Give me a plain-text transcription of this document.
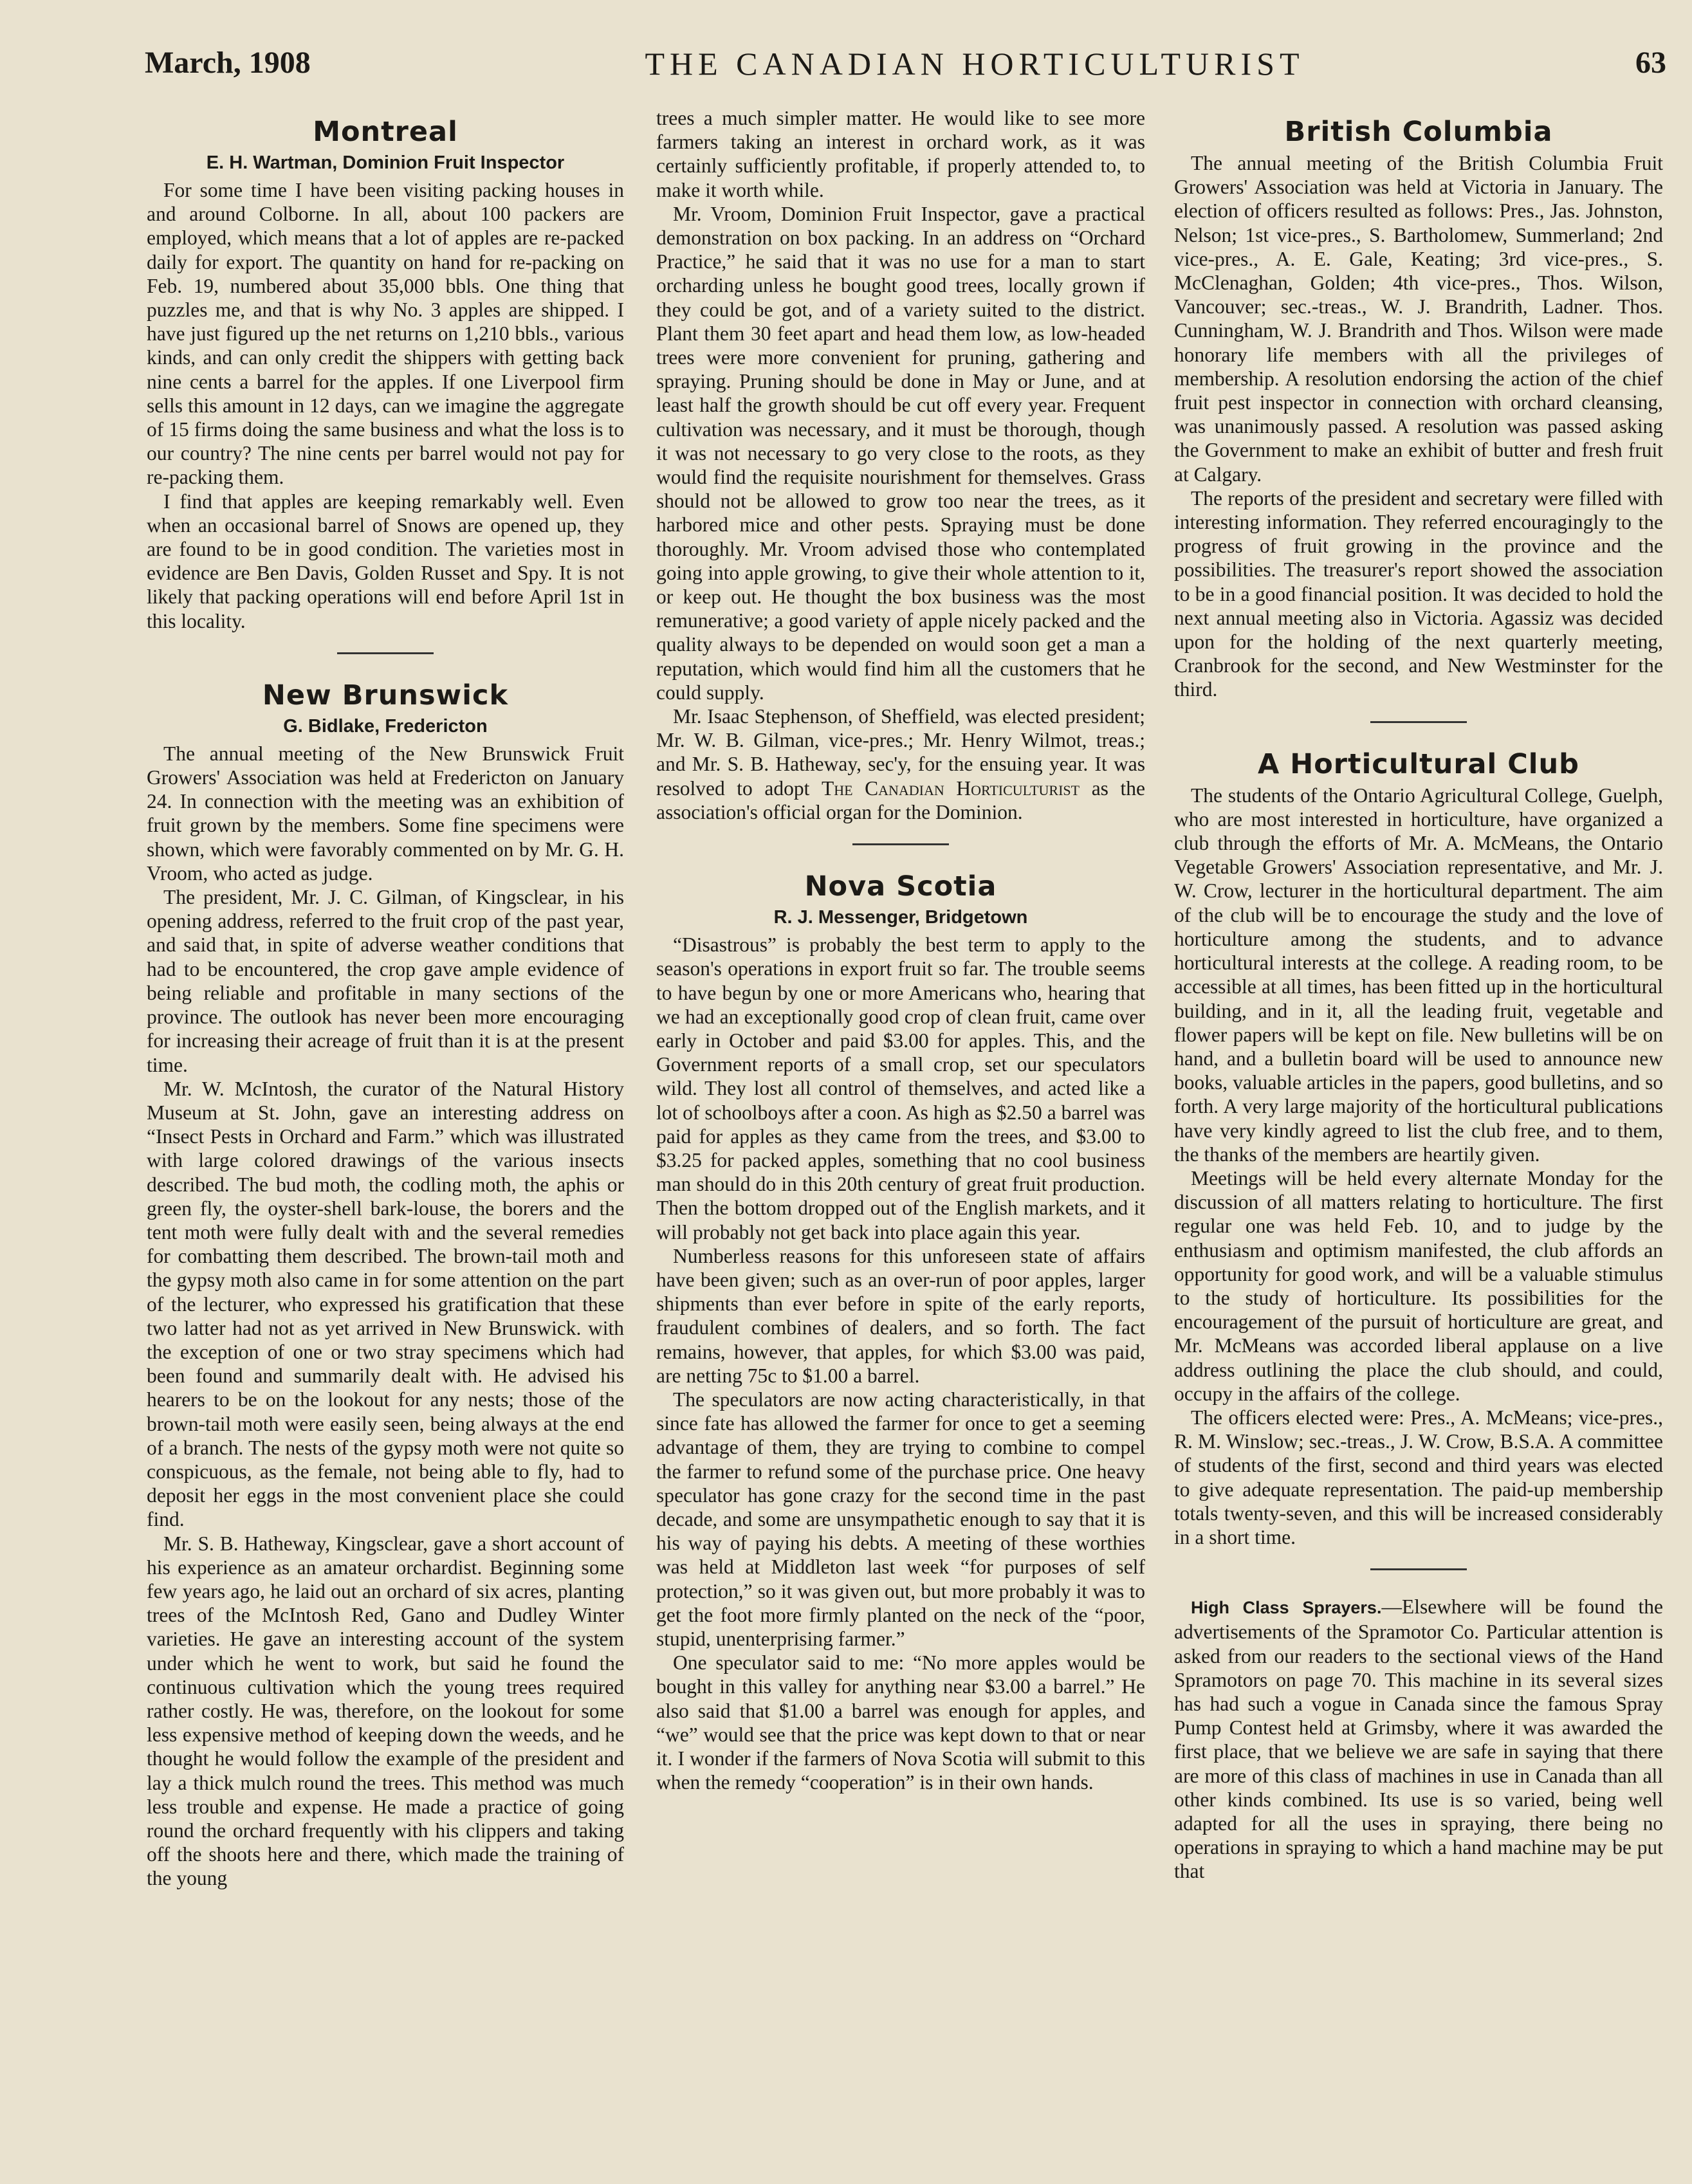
March, 1908	THE CANADIAN HORTICULTURIST	63
Montreal
E. H. Wartman, Dominion Fruit Inspector

For some time I have been visiting packing houses in and around Colborne. In all, about 100 packers are employed, which means that a lot of apples are re-packed daily for export. The quantity on hand for re-packing on Feb. 19, numbered about 35,000 bbls. One thing that puzzles me, and that is why No. 3 apples are shipped. I have just figured up the net returns on 1,210 bbls., various kinds, and can only credit the shippers with getting back nine cents a barrel for the apples. If one Liverpool firm sells this amount in 12 days, can we imagine the aggregate of 15 firms doing the same business and what the loss is to our country? The nine cents per barrel would not pay for re-packing them.

I find that apples are keeping remarkably well. Even when an occasional barrel of Snows are opened up, they are found to be in good condition. The varieties most in evidence are Ben Davis, Golden Russet and Spy. It is not likely that packing operations will end before April 1st in this locality.

New Brunswick
G. Bidlake, Fredericton

The annual meeting of the New Brunswick Fruit Growers' Association was held at Fredericton on January 24. In connection with the meeting was an exhibition of fruit grown by the members. Some fine specimens were shown, which were favorably commented on by Mr. G. H. Vroom, who acted as judge.

The president, Mr. J. C. Gilman, of Kingsclear, in his opening address, referred to the fruit crop of the past year, and said that, in spite of adverse weather conditions that had to be encountered, the crop gave ample evidence of being reliable and profitable in many sections of the province. The outlook has never been more encouraging for increasing their acreage of fruit than it is at the present time.

Mr. W. McIntosh, the curator of the Natural History Museum at St. John, gave an interesting address on “Insect Pests in Orchard and Farm.” which was illustrated with large colored drawings of the various insects described. The bud moth, the codling moth, the aphis or green fly, the oyster-shell bark-louse, the borers and the tent moth were fully dealt with and the several remedies for combatting them described. The brown-tail moth and the gypsy moth also came in for some attention on the part of the lecturer, who expressed his gratification that these two latter had not as yet arrived in New Brunswick. with the exception of one or two stray specimens which had been found and summarily dealt with. He advised his hearers to be on the lookout for any nests; those of the brown-tail moth were easily seen, being always at the end of a branch. The nests of the gypsy moth were not quite so conspicuous, as the female, not being able to fly, had to deposit her eggs in the most convenient place she could find.

Mr. S. B. Hatheway, Kingsclear, gave a short account of his experience as an amateur orchardist. Beginning some few years ago, he laid out an orchard of six acres, planting trees of the McIntosh Red, Gano and Dudley Winter varieties. He gave an interesting account of the system under which he went to work, but said he found the continuous cultivation which the young trees required rather costly. He was, therefore, on the lookout for some less expensive method of keeping down the weeds, and he thought he would follow the example of the president and lay a thick mulch round the trees. This method was much less trouble and expense. He made a practice of going round the orchard frequently with his clippers and taking off the shoots here and there, which made the training of the young

trees a much simpler matter. He would like to see more farmers taking an interest in orchard work, as it was certainly sufficiently profitable, if properly attended to, to make it worth while.

Mr. Vroom, Dominion Fruit Inspector, gave a practical demonstration on box packing. In an address on “Orchard Practice,” he said that it was no use for a man to start orcharding unless he bought good trees, locally grown if they could be got, and of a variety suited to the district. Plant them 30 feet apart and head them low, as low-headed trees were more convenient for pruning, gathering and spraying. Pruning should be done in May or June, and at least half the growth should be cut off every year. Frequent cultivation was necessary, and it must be thorough, though it was not necessary to go very close to the roots, as they would find the requisite nourishment for themselves. Grass should not be allowed to grow too near the trees, as it harbored mice and other pests. Spraying must be done thoroughly. Mr. Vroom advised those who contemplated going into apple growing, to give their whole attention to it, or keep out. He thought the box business was the most remunerative; a good variety of apple nicely packed and the quality always to be depended on would soon get a man a reputation, which would find him all the customers that he could supply.

Mr. Isaac Stephenson, of Sheffield, was elected president; Mr. W. B. Gilman, vice-pres.; Mr. Henry Wilmot, treas.; and Mr. S. B. Hatheway, sec'y, for the ensuing year. It was resolved to adopt The Canadian Horticulturist as the association's official organ for the Dominion.

Nova Scotia
R. J. Messenger, Bridgetown

“Disastrous” is probably the best term to apply to the season's operations in export fruit so far. The trouble seems to have begun by one or more Americans who, hearing that we had an exceptionally good crop of clean fruit, came over early in October and paid $3.00 for apples. This, and the Government reports of a small crop, set our speculators wild. They lost all control of themselves, and acted like a lot of schoolboys after a coon. As high as $2.50 a barrel was paid for apples as they came from the trees, and $3.00 to $3.25 for packed apples, something that no cool business man should do in this 20th century of great fruit production. Then the bottom dropped out of the English markets, and it will probably not get back into place again this year.

Numberless reasons for this unforeseen state of affairs have been given; such as an over-run of poor apples, larger shipments than ever before in spite of the early reports, fraudulent combines of dealers, and so forth. The fact remains, however, that apples, for which $3.00 was paid, are netting 75c to $1.00 a barrel.

The speculators are now acting characteristically, in that since fate has allowed the farmer for once to get a seeming advantage of them, they are trying to combine to compel the farmer to refund some of the purchase price. One heavy speculator has gone crazy for the second time in the past decade, and some are unsympathetic enough to say that it is his way of paying his debts. A meeting of these worthies was held at Middleton last week “for purposes of self protection,” so it was given out, but more probably it was to get the foot more firmly planted on the neck of the “poor, stupid, unenterprising farmer.”

One speculator said to me: “No more apples would be bought in this valley for anything near $3.00 a barrel.” He also said that $1.00 a barrel was enough for apples, and “we” would see that the price was kept down to that or near it. I wonder if the farmers of Nova Scotia will submit to this when the remedy “cooperation” is in their own hands.

British Columbia

The annual meeting of the British Columbia Fruit Growers' Association was held at Victoria in January. The election of officers resulted as follows: Pres., Jas. Johnston, Nelson; 1st vice-pres., S. Bartholomew, Summerland; 2nd vice-pres., A. E. Gale, Keating; 3rd vice-pres., S. McClenaghan, Golden; 4th vice-pres., Thos. Wilson, Vancouver; sec.-treas., W. J. Brandrith, Ladner. Thos. Cunningham, W. J. Brandrith and Thos. Wilson were made honorary life members with all the privileges of membership. A resolution endorsing the action of the chief fruit pest inspector in connection with orchard cleansing, was unanimously passed. A resolution was passed asking the Government to make an exhibit of butter and fresh fruit at Calgary.

The reports of the president and secretary were filled with interesting information. They referred encouragingly to the progress of fruit growing in the province and the possibilities. The treasurer's report showed the association to be in a good financial position. It was decided to hold the next annual meeting also in Victoria. Agassiz was decided upon for the holding of the next quarterly meeting, Cranbrook for the second, and New Westminster for the third.

A Horticultural Club

The students of the Ontario Agricultural College, Guelph, who are most interested in horticulture, have organized a club through the efforts of Mr. A. McMeans, the Ontario Vegetable Growers' Association representative, and Mr. J. W. Crow, lecturer in the horticultural department. The aim of the club will be to encourage the study and the love of horticulture among the students, and to advance horticultural interests at the college. A reading room, to be accessible at all times, has been fitted up in the horticultural building, and in it, all the leading fruit, vegetable and flower papers will be kept on file. New bulletins will be on hand, and a bulletin board will be used to announce new books, valuable articles in the papers, good bulletins, and so forth. A very large majority of the horticultural publications have very kindly agreed to list the club free, and to them, the thanks of the members are heartily given.

Meetings will be held every alternate Monday for the discussion of all matters relating to horticulture. The first regular one was held Feb. 10, and to judge by the enthusiasm and optimism manifested, the club affords an opportunity for good work, and will be a valuable stimulus to the study of horticulture. Its possibilities for the encouragement of the pursuit of horticulture are great, and Mr. McMeans was accorded liberal applause on a live address outlining the place the club should, and could, occupy in the affairs of the college.

The officers elected were: Pres., A. McMeans; vice-pres., R. M. Winslow; sec.-treas., J. W. Crow, B.S.A. A committee of students of the first, second and third years was elected to give adequate representation. The paid-up membership totals twenty-seven, and this will be increased considerably in a short time.

High Class Sprayers.—Elsewhere will be found the advertisements of the Spramotor Co. Particular attention is asked from our readers to the sectional views of the Hand Spramotors on page 70. This machine in its several sizes has had such a vogue in Canada since the famous Spray Pump Contest held at Grimsby, where it was awarded the first place, that we believe we are safe in saying that there are more of this class of machines in use in Canada than all other kinds combined. Its use is so varied, being well adapted for all the uses in spraying, there being no operations in spraying to which a hand machine may be put that
